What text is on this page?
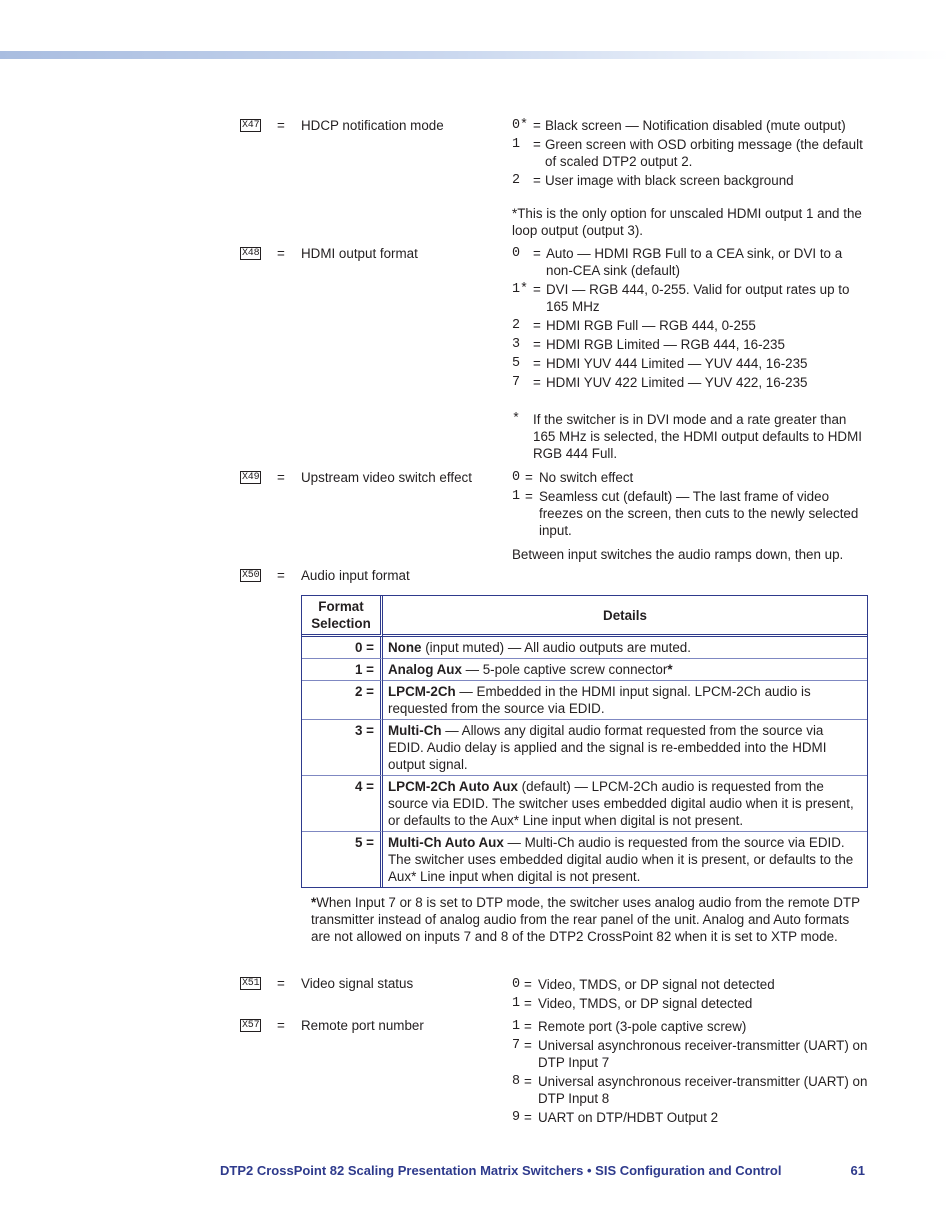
X47 = HDCP notification mode	0* = Black screen — Notification disabled (mute output)
1 = Green screen with OSD orbiting message (the default of scaled DTP2 output 2.
2 = User image with black screen background
*This is the only option for unscaled HDMI output 1 and the loop output (output 3).
X48 = HDMI output format	0 = Auto — HDMI RGB Full to a CEA sink, or DVI to a non-CEA sink (default)
1* = DVI — RGB 444, 0-255. Valid for output rates up to 165 MHz
2 = HDMI RGB Full — RGB 444, 0-255
3 = HDMI RGB Limited — RGB 444, 16-235
5 = HDMI YUV 444 Limited — YUV 444, 16-235
7 = HDMI YUV 422 Limited — YUV 422, 16-235
* If the switcher is in DVI mode and a rate greater than 165 MHz is selected, the HDMI output defaults to HDMI RGB 444 Full.
X49 = Upstream video switch effect	0 = No switch effect
1 = Seamless cut (default) — The last frame of video freezes on the screen, then cuts to the newly selected input.
Between input switches the audio ramps down, then up.
X50 = Audio input format
Format Selection	Details
0 =	None (input muted) — All audio outputs are muted.
1 =	Analog Aux — 5-pole captive screw connector*
2 =	LPCM-2Ch — Embedded in the HDMI input signal. LPCM-2Ch audio is requested from the source via EDID.
3 =	Multi-Ch — Allows any digital audio format requested from the source via EDID. Audio delay is applied and the signal is re-embedded into the HDMI output signal.
4 =	LPCM-2Ch Auto Aux (default) — LPCM-2Ch audio is requested from the source via EDID. The switcher uses embedded digital audio when it is present, or defaults to the Aux* Line input when digital is not present.
5 =	Multi-Ch Auto Aux — Multi-Ch audio is requested from the source via EDID. The switcher uses embedded digital audio when it is present, or defaults to the Aux* Line input when digital is not present.
*When Input 7 or 8 is set to DTP mode, the switcher uses analog audio from the remote DTP transmitter instead of analog audio from the rear panel of the unit. Analog and Auto formats are not allowed on inputs 7 and 8 of the DTP2 CrossPoint 82 when it is set to XTP mode.
X51 = Video signal status	0 = Video, TMDS, or DP signal not detected
1 = Video, TMDS, or DP signal detected
X57 = Remote port number	1 = Remote port (3-pole captive screw)
7 = Universal asynchronous receiver-transmitter (UART) on DTP Input 7
8 = Universal asynchronous receiver-transmitter (UART) on DTP Input 8
9 = UART on DTP/HDBT Output 2
DTP2 CrossPoint 82 Scaling Presentation Matrix Switchers • SIS Configuration and Control	61
